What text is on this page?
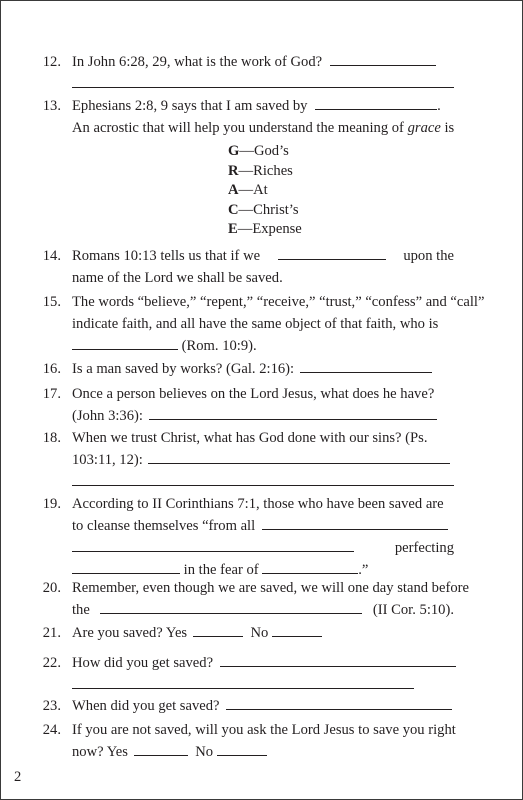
12. In John 6:28, 29, what is the work of God?
13. Ephesians 2:8, 9 says that I am saved by	.
An acrostic that will help you understand the meaning of grace is
G—God’s
R—Riches
A—At
C—Christ’s
E—Expense
14. Romans 10:13 tells us that if we	upon the
name of the Lord we shall be saved.
15. The words “believe,” “repent,” “receive,” “trust,” “confess” and “call”
indicate faith, and all have the same object of that faith, who is
(Rom. 10:9).
16. Is a man saved by works? (Gal. 2:16):
17. Once a person believes on the Lord Jesus, what does he have?
(John 3:36):
18. When we trust Christ, what has God done with our sins? (Ps.
103:11, 12):
19. According to II Corinthians 7:1, those who have been saved are
to cleanse themselves “from all
perfecting
in the fear of	.”
20. Remember, even though we are saved, we will one day stand before
the	(II Cor. 5:10).
21. Are you saved? Yes	No
22. How did you get saved?
23. When did you get saved?
24. If you are not saved, will you ask the Lord Jesus to save you right
now? Yes	No
2
